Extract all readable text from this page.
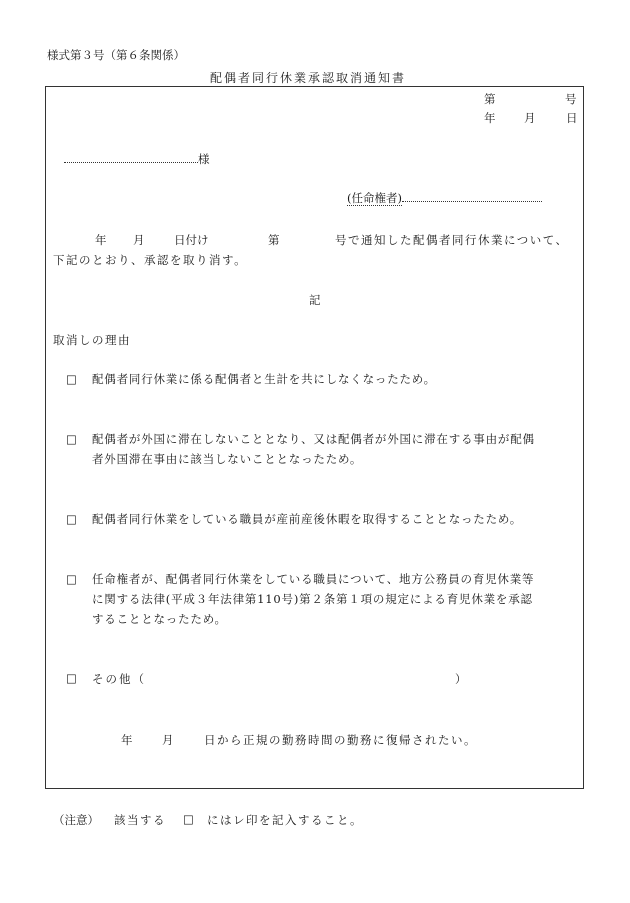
様式第３号（第６条関係）
配偶者同行休業承認取消通知書
第	号
年 月	日
様
(任命権者)
年 月	日付け	第	号で通知した配偶者同行休業について、
下記のとおり、承認を取り消す。
記
取消しの理由
□ 配偶者同行休業に係る配偶者と生計を共にしなくなったため。
□ 配偶者が外国に滞在しないこととなり、又は配偶者が外国に滞在する事由が配偶
者外国滞在事由に該当しないこととなったため。
□ 配偶者同行休業をしている職員が産前産後休暇を取得することとなったため。
□ 任命権者が、配偶者同行休業をしている職員について、地方公務員の育児休業等
に関する法律(平成３年法律第110号)第２条第１項の規定による育児休業を承認
することとなったため。
□ その他（	）
年	月	日から正規の勤務時間の勤務に復帰されたい。
（注意） 該当する □ にはレ印を記入すること。
